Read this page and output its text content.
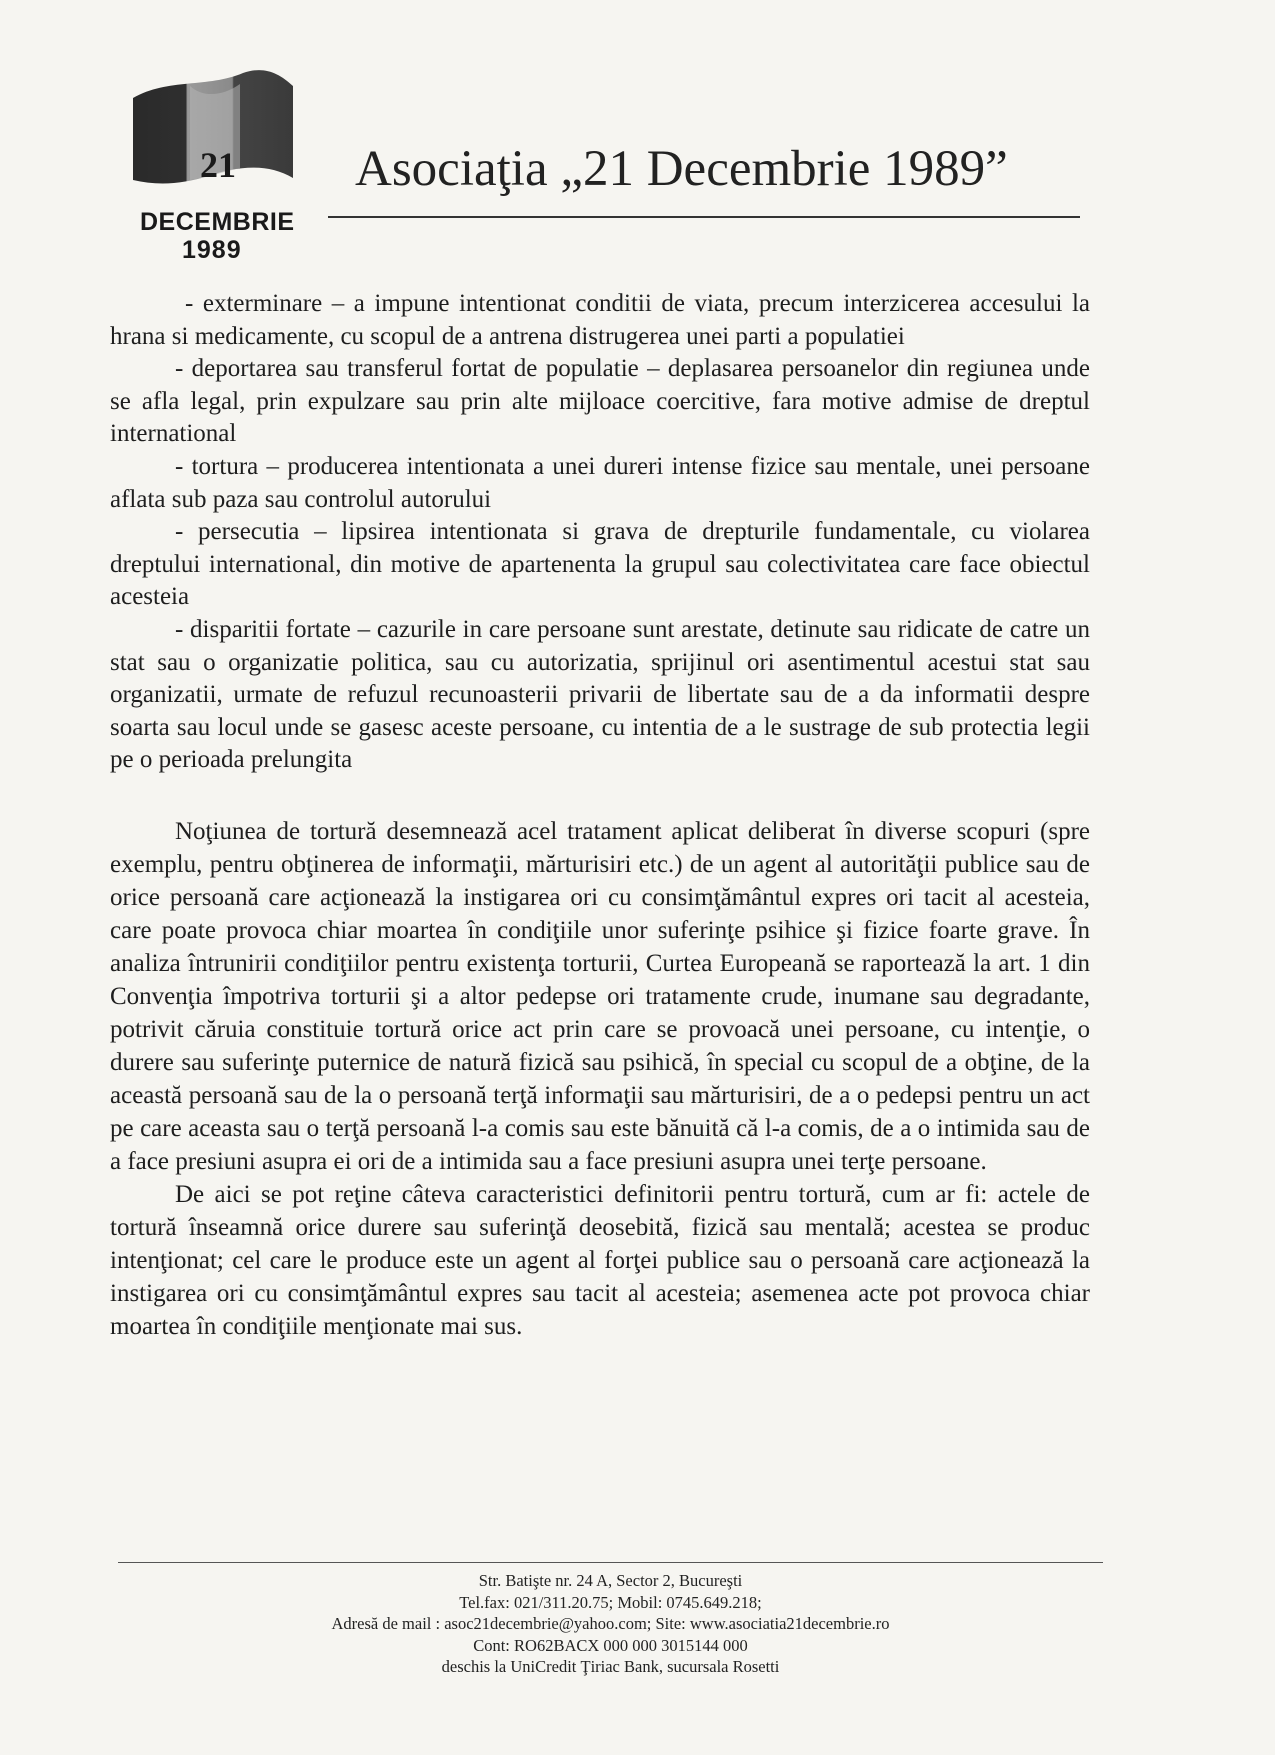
21
DECEMBRIE
1989
Asociaţia „21 Decembrie 1989”

- exterminare – a impune intentionat conditii de viata, precum interzicerea accesului la hrana si medicamente, cu scopul de a antrena distrugerea unei parti a populatiei

- deportarea sau transferul fortat de populatie – deplasarea persoanelor din regiunea unde se afla legal, prin expulzare sau prin alte mijloace coercitive, fara motive admise de dreptul international

- tortura – producerea intentionata a unei dureri intense fizice sau mentale, unei persoane aflata sub paza sau controlul autorului

- persecutia – lipsirea intentionata si grava de drepturile fundamentale, cu violarea dreptului international, din motive de apartenenta la grupul sau colectivitatea care face obiectul acesteia

- disparitii fortate – cazurile in care persoane sunt arestate, detinute sau ridicate de catre un stat sau o organizatie politica, sau cu autorizatia, sprijinul ori asentimentul acestui stat sau organizatii, urmate de refuzul recunoasterii privarii de libertate sau de a da informatii despre soarta sau locul unde se gasesc aceste persoane, cu intentia de a le sustrage de sub protectia legii pe o perioada prelungita

Noţiunea de tortură desemnează acel tratament aplicat deliberat în diverse scopuri (spre exemplu, pentru obţinerea de informaţii, mărturisiri etc.) de un agent al autorităţii publice sau de orice persoană care acţionează la instigarea ori cu consimţământul expres ori tacit al acesteia, care poate provoca chiar moartea în condiţiile unor suferinţe psihice şi fizice foarte grave. În analiza întrunirii condiţiilor pentru existenţa torturii, Curtea Europeană se raportează la art. 1 din Convenţia împotriva torturii şi a altor pedepse ori tratamente crude, inumane sau degradante, potrivit căruia constituie tortură orice act prin care se provoacă unei persoane, cu intenţie, o durere sau suferinţe puternice de natură fizică sau psihică, în special cu scopul de a obţine, de la această persoană sau de la o persoană terţă informaţii sau mărturisiri, de a o pedepsi pentru un act pe care aceasta sau o terţă persoană l-a comis sau este bănuită că l-a comis, de a o intimida sau de a face presiuni asupra ei ori de a intimida sau a face presiuni asupra unei terţe persoane.

De aici se pot reţine câteva caracteristici definitorii pentru tortură, cum ar fi: actele de tortură înseamnă orice durere sau suferinţă deosebită, fizică sau mentală; acestea se produc intenţionat; cel care le produce este un agent al forţei publice sau o persoană care acţionează la instigarea ori cu consimţământul expres sau tacit al acesteia; asemenea acte pot provoca chiar moartea în condiţiile menţionate mai sus.

Str. Batişte nr. 24 A, Sector 2, Bucureşti
Tel.fax: 021/311.20.75; Mobil: 0745.649.218;
Adresă de mail : asoc21decembrie@yahoo.com; Site: www.asociatia21decembrie.ro
Cont: RO62BACX 000 000 3015144 000
deschis la UniCredit Ţiriac Bank, sucursala Rosetti
